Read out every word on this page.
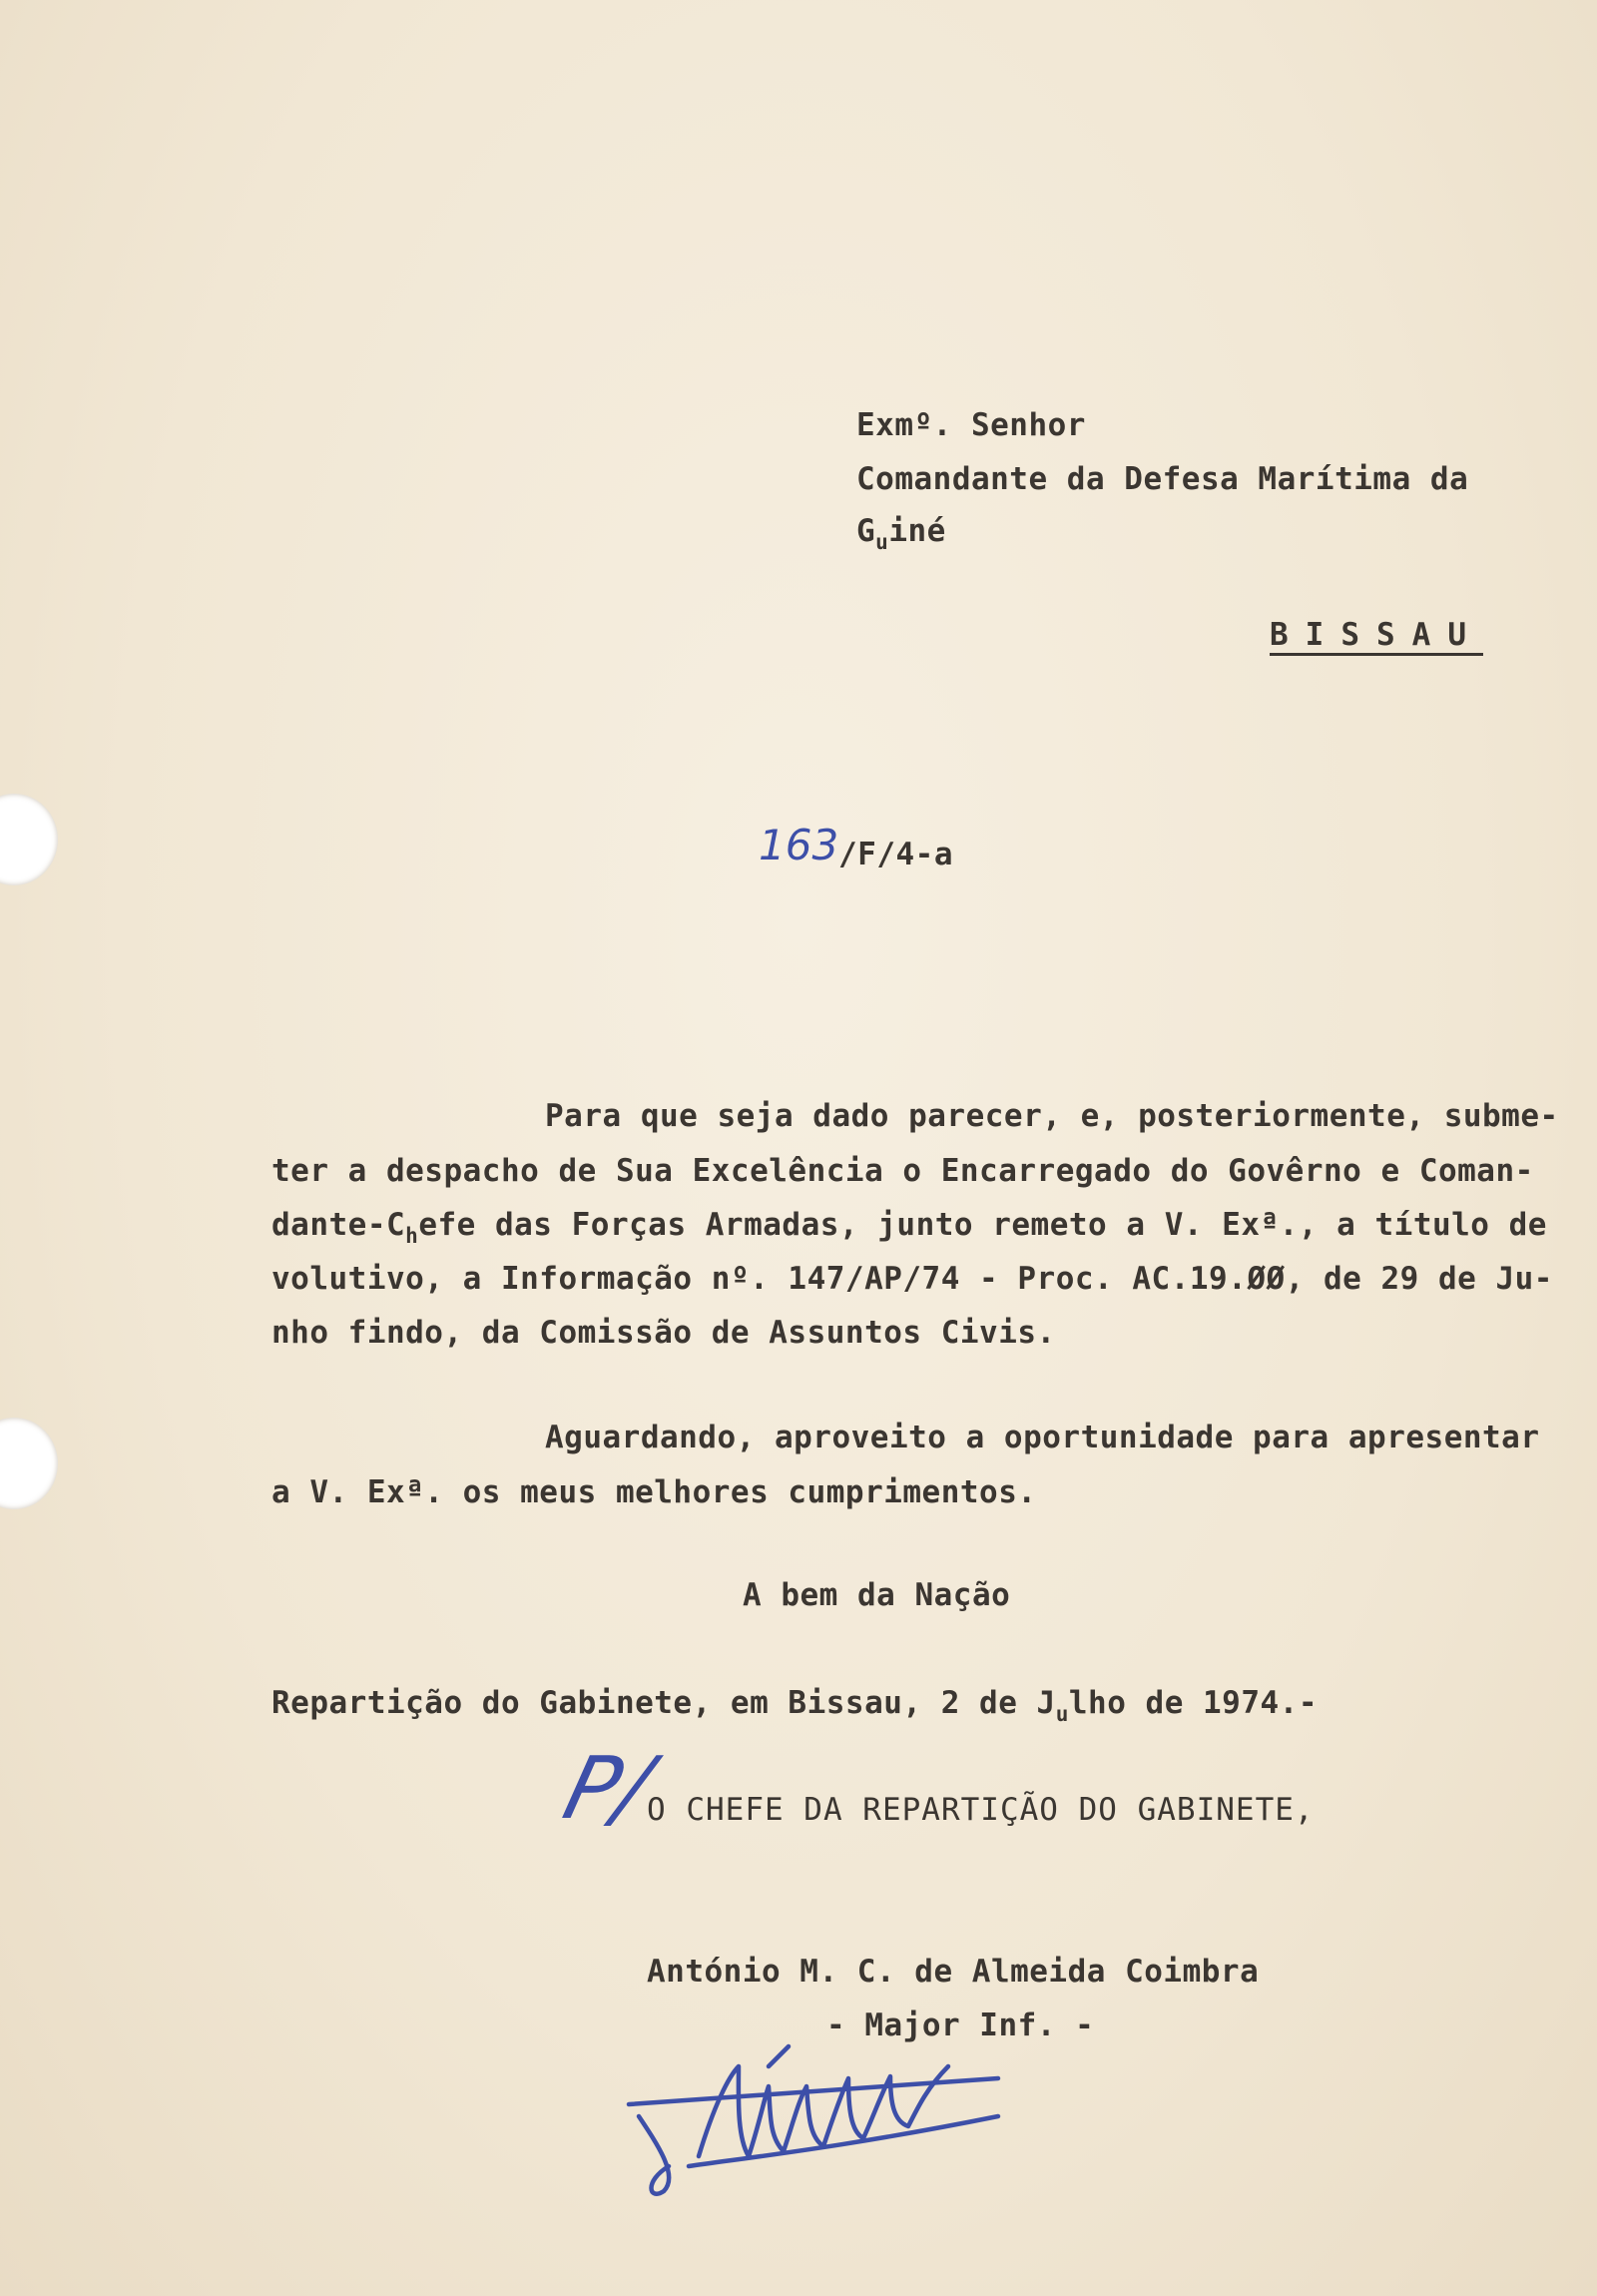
Exmº. Senhor
Comandante da Defesa Marítima da
$G_uiné$
BISSAU
163 /F/4-a
Para que seja dado parecer, e, posteriormente, subme-
ter a despacho de Sua Excelência o Encarregado do Govêrno e Coman-
dante-$C_hefe$ das Forças Armadas, junto remeto a V. Exª., a título de
volutivo, a Informação nº. 147/AP/74 - Proc. AC.19.ØØ, de 29 de Ju-
nho findo, da Comissão de Assuntos Civis.
Aguardando, aproveito a oportunidade para apresentar
a V. Exª. os meus melhores cumprimentos.
A bem da Nação
Repartição do Gabinete, em Bissau, 2 de $J_ulho$ de 1974.-
P/
O CHEFE DA REPARTIÇÃO DO GABINETE,
António M. C. de Almeida Coimbra
- Major Inf. -
